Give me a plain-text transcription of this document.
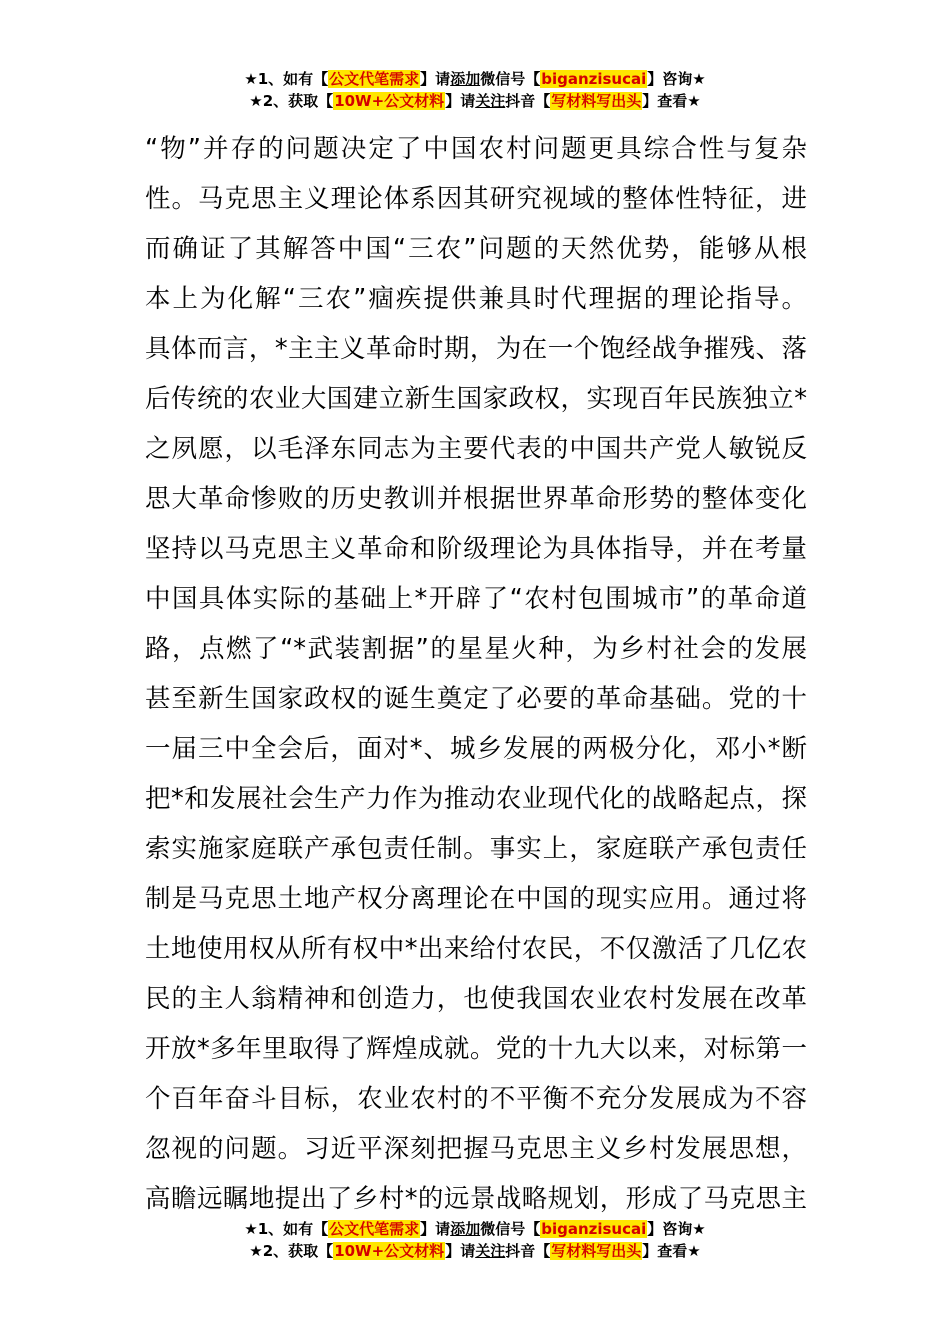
★1、如有【公文代笔需求】请添加微信号【biganzisucai】咨询★
★2、获取【10W+公文材料】请关注抖音【写材料写出头】查看★
“物”并存的问题决定了中国农村问题更具综合性与复杂
性。马克思主义理论体系因其研究视域的整体性特征，进
而确证了其解答中国“三农”问题的天然优势，能够从根
本上为化解“三农”痼疾提供兼具时代理据的理论指导。
具体而言，*主主义革命时期，为在一个饱经战争摧残、落
后传统的农业大国建立新生国家政权，实现百年民族独立*
之夙愿，以毛泽东同志为主要代表的中国共产党人敏锐反
思大革命惨败的历史教训并根据世界革命形势的整体变化
坚持以马克思主义革命和阶级理论为具体指导，并在考量
中国具体实际的基础上*开辟了“农村包围城市”的革命道
路，点燃了“*武装割据”的星星火种，为乡村社会的发展
甚至新生国家政权的诞生奠定了必要的革命基础。党的十
一届三中全会后，面对*、城乡发展的两极分化，邓小*断
把*和发展社会生产力作为推动农业现代化的战略起点，探
索实施家庭联产承包责任制。事实上，家庭联产承包责任
制是马克思土地产权分离理论在中国的现实应用。通过将
土地使用权从所有权中*出来给付农民，不仅激活了几亿农
民的主人翁精神和创造力，也使我国农业农村发展在改革
开放*多年里取得了辉煌成就。党的十九大以来，对标第一
个百年奋斗目标，农业农村的不平衡不充分发展成为不容
忽视的问题。习近平深刻把握马克思主义乡村发展思想，
高瞻远瞩地提出了乡村*的远景战略规划，形成了马克思主
★1、如有【公文代笔需求】请添加微信号【biganzisucai】咨询★
★2、获取【10W+公文材料】请关注抖音【写材料写出头】查看★
